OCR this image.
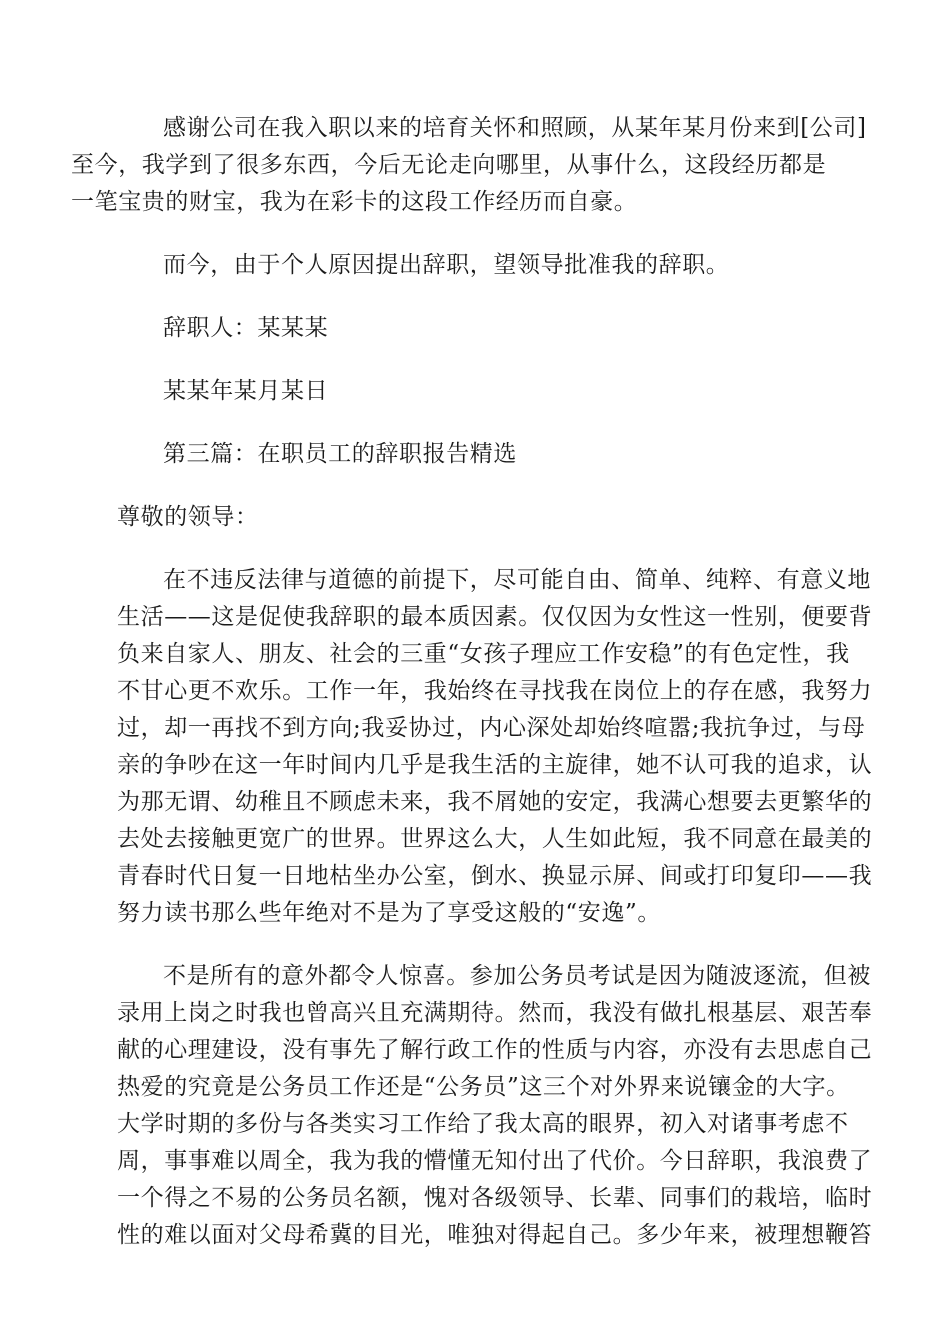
感谢公司在我入职以来的培育关怀和照顾，从某年某月份来到[公司]
至今，我学到了很多东西，今后无论走向哪里，从事什么，这段经历都是
一笔宝贵的财宝，我为在彩卡的这段工作经历而自豪。

而今，由于个人原因提出辞职，望领导批准我的辞职。

辞职人：某某某

某某年某月某日

第三篇：在职员工的辞职报告精选

尊敬的领导：

在不违反法律与道德的前提下，尽可能自由、简单、纯粹、有意义地
生活——这是促使我辞职的最本质因素。仅仅因为女性这一性别，便要背
负来自家人、朋友、社会的三重“女孩子理应工作安稳”的有色定性，我
不甘心更不欢乐。工作一年，我始终在寻找我在岗位上的存在感，我努力
过，却一再找不到方向;我妥协过，内心深处却始终喧嚣;我抗争过，与母
亲的争吵在这一年时间内几乎是我生活的主旋律，她不认可我的追求，认
为那无谓、幼稚且不顾虑未来，我不屑她的安定，我满心想要去更繁华的
去处去接触更宽广的世界。世界这么大，人生如此短，我不同意在最美的
青春时代日复一日地枯坐办公室，倒水、换显示屏、间或打印复印——我
努力读书那么些年绝对不是为了享受这般的“安逸”。

不是所有的意外都令人惊喜。参加公务员考试是因为随波逐流，但被
录用上岗之时我也曾高兴且充满期待。然而，我没有做扎根基层、艰苦奉
献的心理建设，没有事先了解行政工作的性质与内容，亦没有去思虑自己
热爱的究竟是公务员工作还是“公务员”这三个对外界来说镶金的大字。
大学时期的多份与各类实习工作给了我太高的眼界，初入对诸事考虑不
周，事事难以周全，我为我的懵懂无知付出了代价。今日辞职，我浪费了
一个得之不易的公务员名额，愧对各级领导、长辈、同事们的栽培，临时
性的难以面对父母希冀的目光，唯独对得起自己。多少年来，被理想鞭笞
